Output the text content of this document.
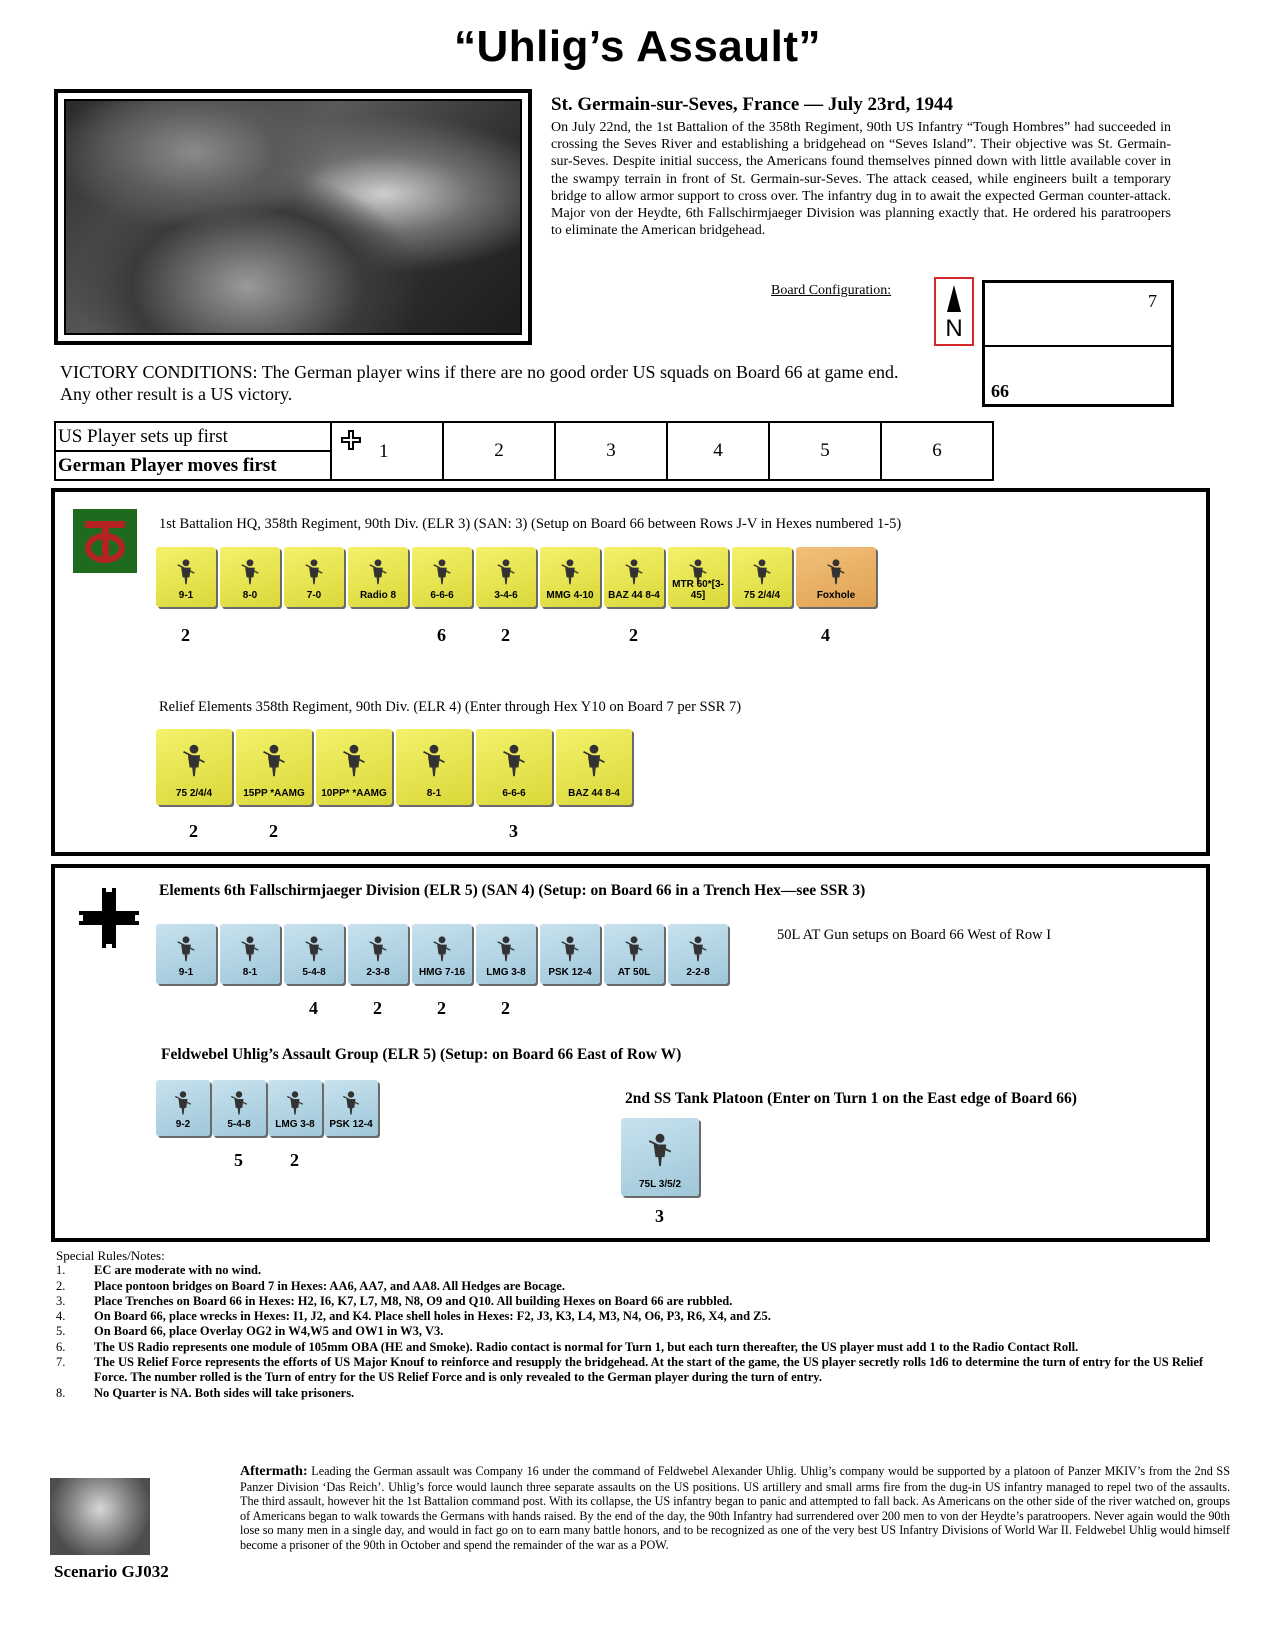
“Uhlig’s Assault”
St. Germain-sur-Seves, France — July 23rd, 1944
On July 22nd, the 1st Battalion of the 358th Regiment, 90th US Infantry “Tough Hombres” had succeeded in crossing the Seves River and establishing a bridgehead on “Seves Island”. Their objective was St. Germain-sur-Seves. Despite initial success, the Americans found themselves pinned down with little available cover in the swampy terrain in front of St. Germain-sur-Seves. The attack ceased, while engineers built a temporary bridge to allow armor support to cross over. The infantry dug in to await the expected German counter-attack. Major von der Heydte, 6th Fallschirmjaeger Division was planning exactly that. He ordered his paratroopers to eliminate the American bridgehead.
Board Configuration:
N
7
66
VICTORY CONDITIONS: The German player wins if there are no good order US squads on Board 66 at game end. Any other result is a US victory.
US Player sets up first	
1	2	3	4	5	6
German Player moves first
1st Battalion HQ, 358th Regiment, 90th Div. (ELR 3) (SAN: 3) (Setup on Board 66 between Rows J-V in Hexes numbered 1-5)
9-1
2
8-0	7-0	Radio 8	6-6-6
6
3-4-6
2
MMG 4-10	BAZ 44 8-4
2
MTR 60*[3-45]	75 2/4/4	Foxhole
4
Relief Elements 358th Regiment, 90th Div. (ELR 4) (Enter through Hex Y10 on Board 7 per SSR 7)
75 2/4/4
2
15PP *AAMG
2
10PP* *AAMG	8-1	6-6-6
3
BAZ 44 8-4
Elements 6th Fallschirmjaeger Division (ELR 5) (SAN 4) (Setup: on Board 66 in a Trench Hex—see SSR 3)
9-1	8-1	5-4-8
4
2-3-8
2
HMG 7-16
2
LMG 3-8
2
PSK 12-4	AT 50L	2-2-8
50L AT Gun setups on Board 66 West of Row I
Feldwebel Uhlig’s Assault Group (ELR 5) (Setup: on Board 66 East of Row W)
9-2	5-4-8
5
LMG 3-8
2
PSK 12-4
2nd SS Tank Platoon (Enter on Turn 1 on the East edge of Board 66)
75L 3/5/2
3
Special Rules/Notes:
1.	EC are moderate with no wind.
2.	Place pontoon bridges on Board 7 in Hexes: AA6, AA7, and AA8. All Hedges are Bocage.
3.	Place Trenches on Board 66 in Hexes: H2, I6, K7, L7, M8, N8, O9 and Q10. All building Hexes on Board 66 are rubbled.
4.	On Board 66, place wrecks in Hexes: I1, J2, and K4. Place shell holes in Hexes: F2, J3, K3, L4, M3, N4, O6, P3, R6, X4, and Z5.
5.	On Board 66, place Overlay OG2 in W4,W5 and OW1 in W3, V3.
6.	The US Radio represents one module of 105mm OBA (HE and Smoke). Radio contact is normal for Turn 1, but each turn thereafter, the US player must add 1 to the Radio Contact Roll.
7.	The US Relief Force represents the efforts of US Major Knouf to reinforce and resupply the bridgehead. At the start of the game, the US player secretly rolls 1d6 to determine the turn of entry for the US Relief Force. The number rolled is the Turn of entry for the US Relief Force and is only revealed to the German player during the turn of entry.
8.	No Quarter is NA. Both sides will take prisoners.
Aftermath: Leading the German assault was Company 16 under the command of Feldwebel Alexander Uhlig. Uhlig’s company would be supported by a platoon of Panzer MKIV’s from the 2nd SS Panzer Division ‘Das Reich’. Uhlig’s force would launch three separate assaults on the US positions. US artillery and small arms fire from the dug-in US infantry managed to repel two of the assaults. The third assault, however hit the 1st Battalion command post. With its collapse, the US infantry began to panic and attempted to fall back. As Americans on the other side of the river watched on, groups of Americans began to walk towards the Germans with hands raised. By the end of the day, the 90th Infantry had surrendered over 200 men to von der Heydte’s paratroopers. Never again would the 90th lose so many men in a single day, and would in fact go on to earn many battle honors, and to be recognized as one of the very best US Infantry Divisions of World War II. Feldwebel Uhlig would himself become a prisoner of the 90th in October and spend the remainder of the war as a POW.
Scenario GJ032
